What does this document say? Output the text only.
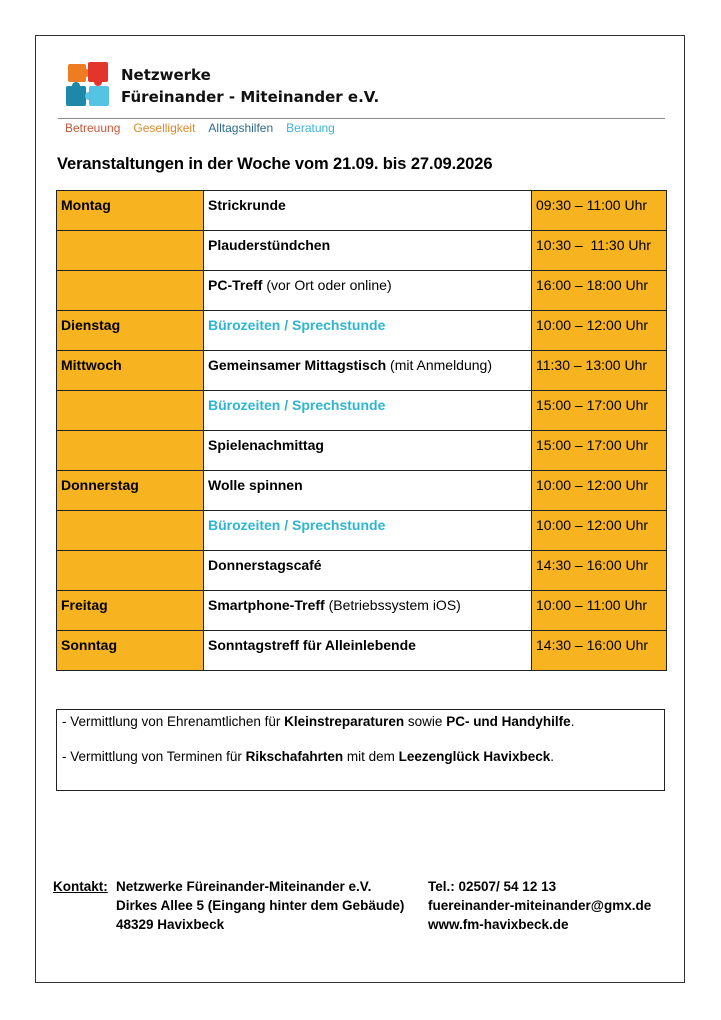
Netzwerke
Füreinander - Miteinander e.V.
Betreuung Geselligkeit Alltagshilfen Beratung
Veranstaltungen in der Woche vom 21.09. bis 27.09.2026
Montag	Strickrunde	09:30 – 11:00 Uhr
	Plauderstündchen	10:30 –  11:30 Uhr
	PC-Treff (vor Ort oder online)	16:00 – 18:00 Uhr
Dienstag	Bürozeiten / Sprechstunde	10:00 – 12:00 Uhr
Mittwoch	Gemeinsamer Mittagstisch (mit Anmeldung)	11:30 – 13:00 Uhr
	Bürozeiten / Sprechstunde	15:00 – 17:00 Uhr
	Spielenachmittag	15:00 – 17:00 Uhr
Donnerstag	Wolle spinnen	10:00 – 12:00 Uhr
	Bürozeiten / Sprechstunde	10:00 – 12:00 Uhr
	Donnerstagscafé	14:30 – 16:00 Uhr
Freitag	Smartphone-Treff (Betriebssystem iOS)	10:00 – 11:00 Uhr
Sonntag	Sonntagstreff für Alleinlebende	14:30 – 16:00 Uhr

- Vermittlung von Ehrenamtlichen für Kleinstreparaturen sowie PC- und Handyhilfe.

- Vermittlung von Terminen für Rikschafahrten mit dem Leezenglück Havixbeck.

Kontakt: Netzwerke Füreinander-Miteinander e.V.
Dirkes Allee 5 (Eingang hinter dem Gebäude)
48329 Havixbeck
Tel.: 02507/ 54 12 13
fuereinander-miteinander@gmx.de
www.fm-havixbeck.de
